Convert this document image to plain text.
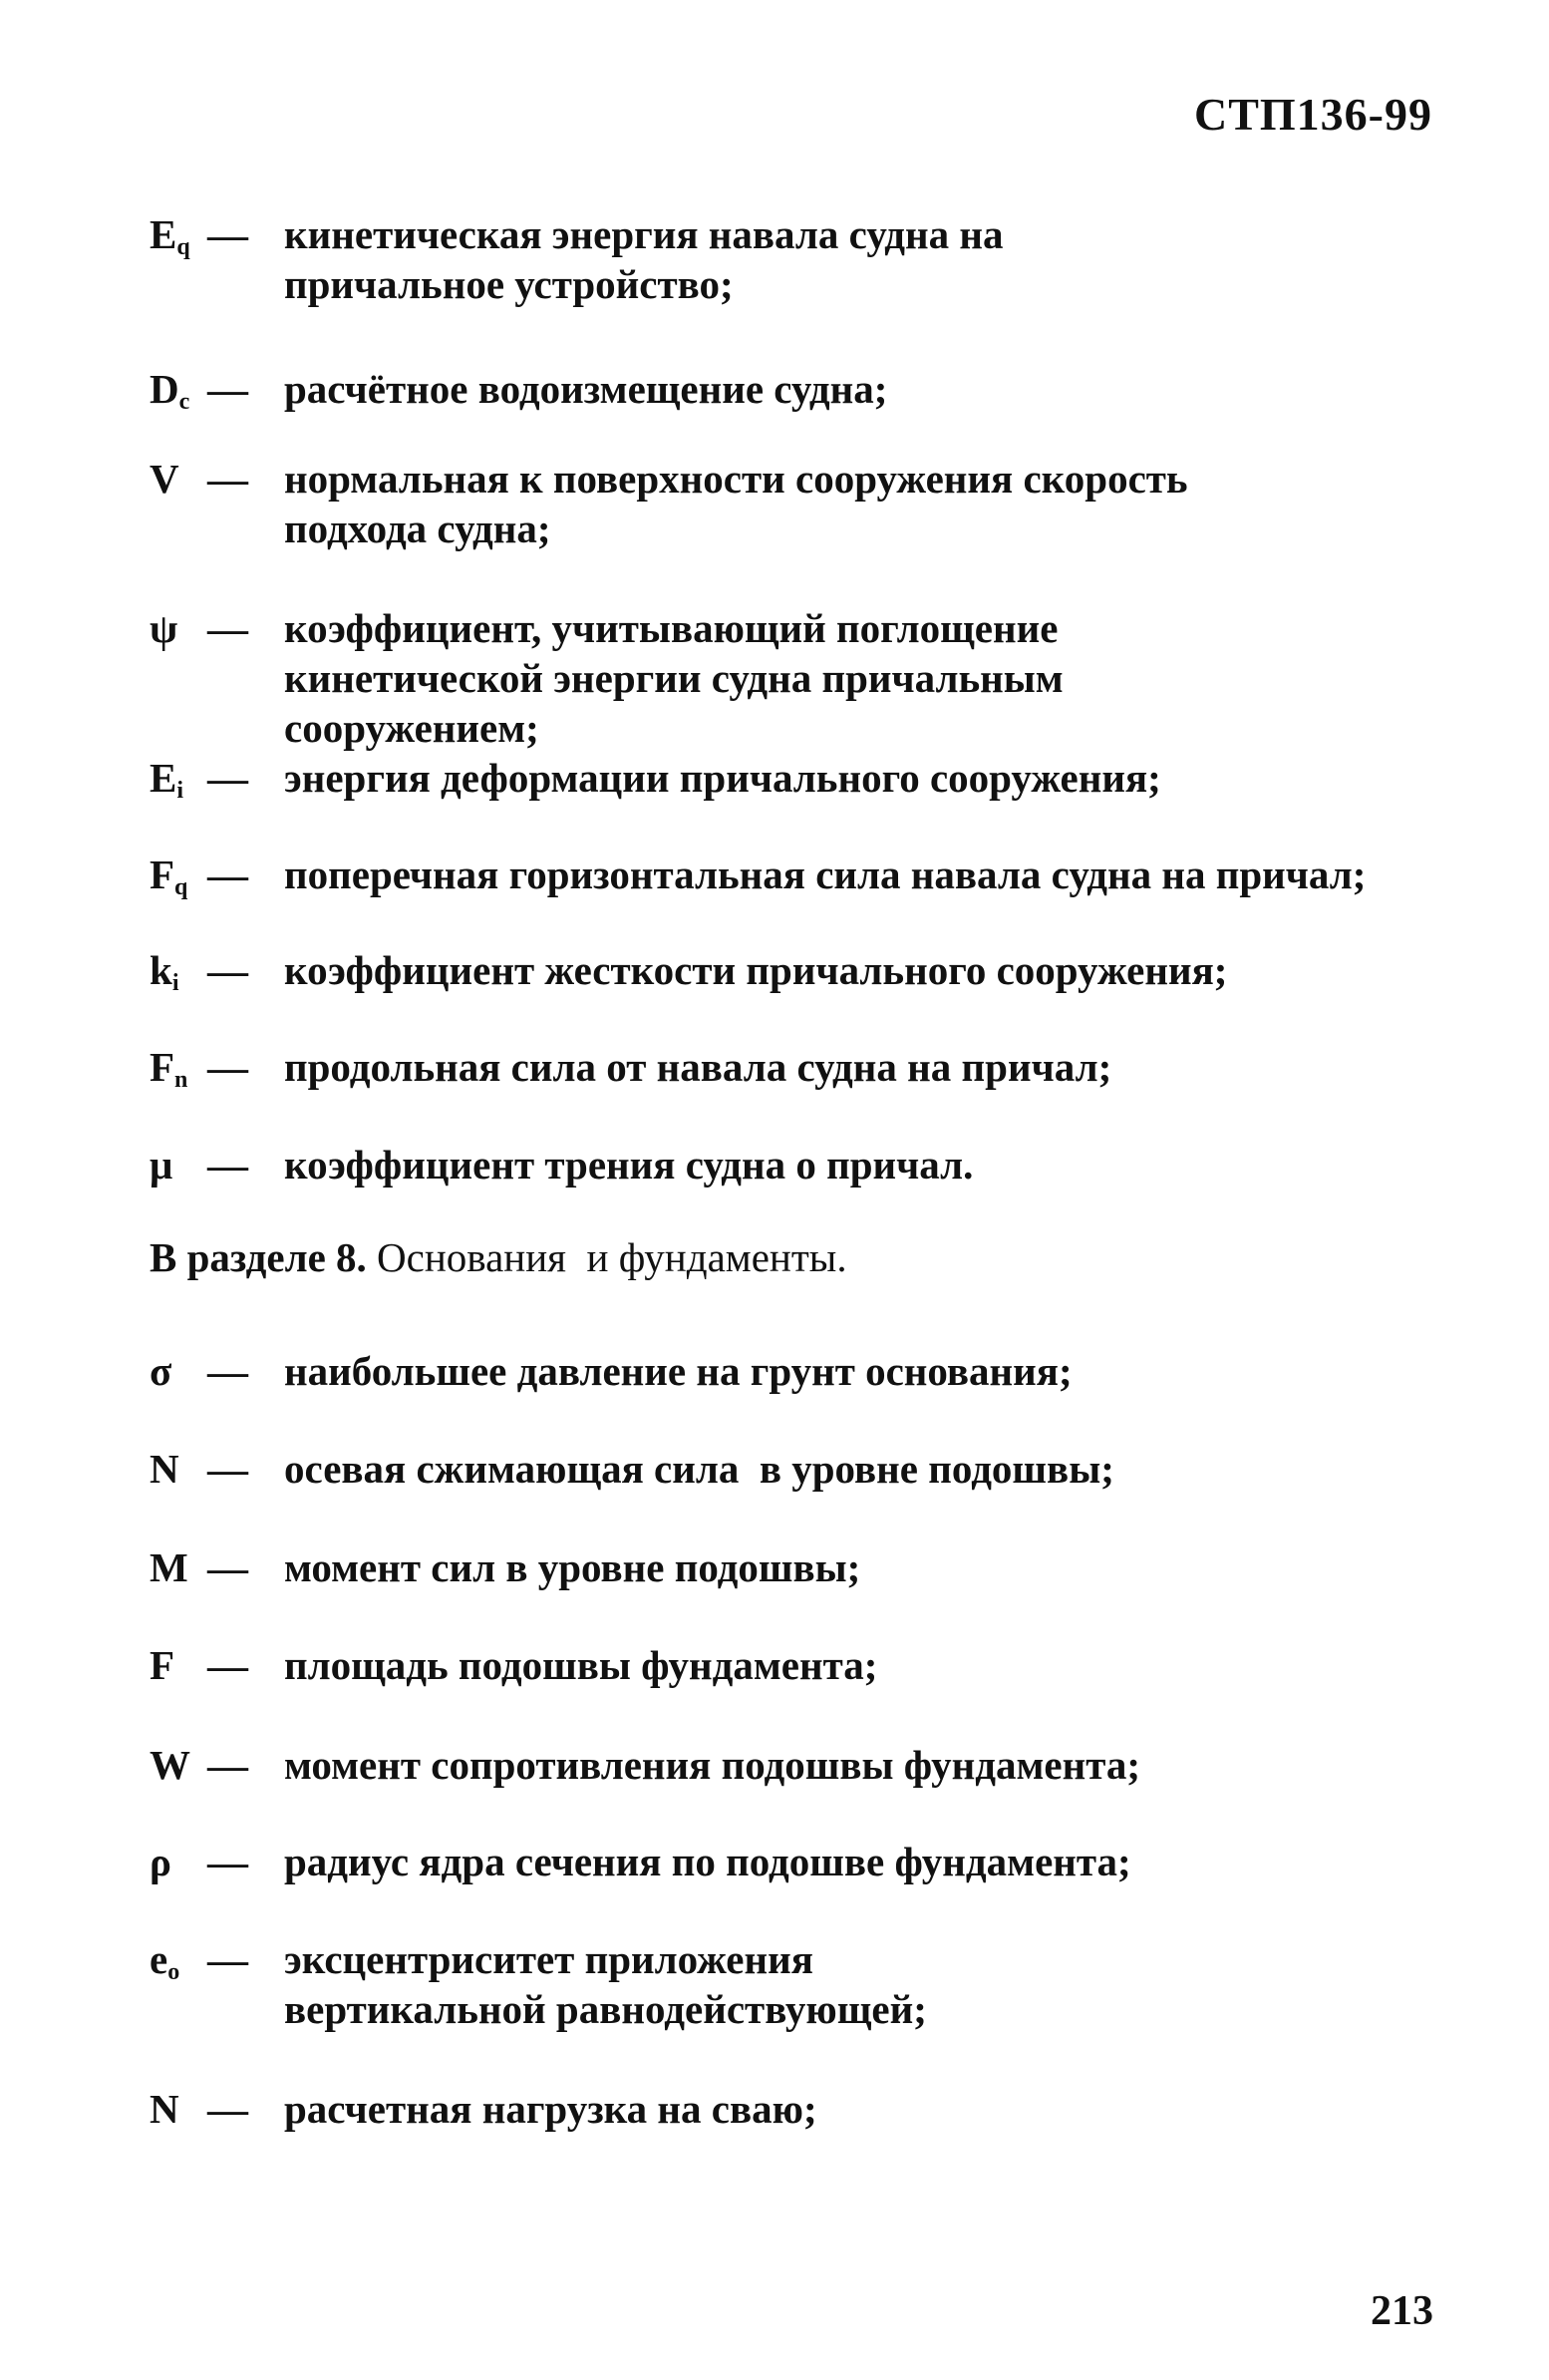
СТП136-99
$E_q$ — кинетическая энергия навала судна на причальное устройство;
$D_c$ — расчётное водоизмещение судна;
V — нормальная к поверхности сооружения скорость подхода судна;
ψ — коэффициент, учитывающий поглощение кинетической энергии судна причальным сооружением;
$E_i$ — энергия деформации причального сооружения;
$F_q$ — поперечная горизонтальная сила навала судна на причал;
$k_i$ — коэффициент жесткости причального сооружения;
$F_n$ — продольная сила от навала судна на причал;
μ — коэффициент трения судна о причал.
В разделе 8. Основания  и фундаменты.
σ — наибольшее давление на грунт основания;
N — осевая сжимающая сила  в уровне подошвы;
M — момент сил в уровне подошвы;
F — площадь подошвы фундамента;
W — момент сопротивления подошвы фундамента;
ρ — радиус ядра сечения по подошве фундамента;
$e_o$ — эксцентриситет приложения вертикальной равнодействующей;
N — расчетная нагрузка на сваю;
213
